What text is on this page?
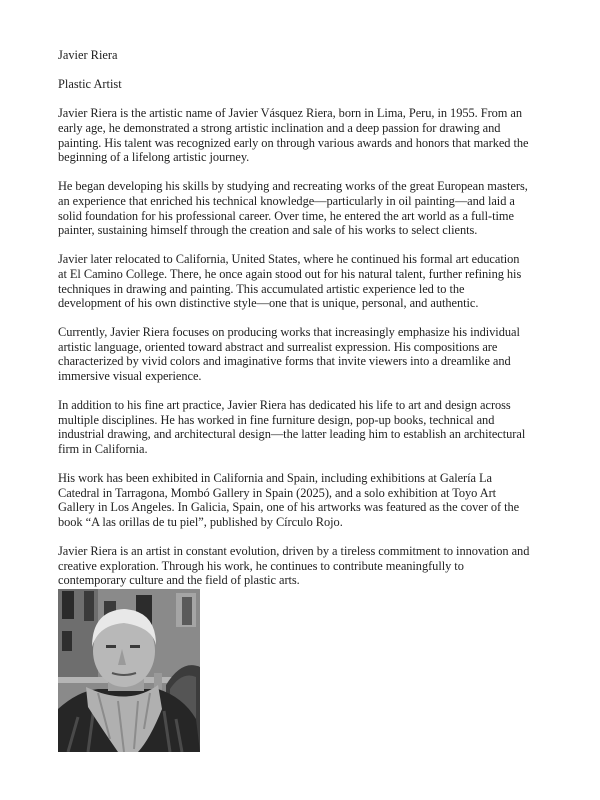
Javier Riera

Plastic Artist

Javier Riera is the artistic name of Javier Vásquez Riera, born in Lima, Peru, in 1955. From an early age, he demonstrated a strong artistic inclination and a deep passion for drawing and painting. His talent was recognized early on through various awards and honors that marked the beginning of a lifelong artistic journey.

He began developing his skills by studying and recreating works of the great European masters, an experience that enriched his technical knowledge—particularly in oil painting—and laid a solid foundation for his professional career. Over time, he entered the art world as a full-time painter, sustaining himself through the creation and sale of his works to select clients.

Javier later relocated to California, United States, where he continued his formal art education at El Camino College. There, he once again stood out for his natural talent, further refining his techniques in drawing and painting. This accumulated artistic experience led to the development of his own distinctive style—one that is unique, personal, and authentic.

Currently, Javier Riera focuses on producing works that increasingly emphasize his individual artistic language, oriented toward abstract and surrealist expression. His compositions are characterized by vivid colors and imaginative forms that invite viewers into a dreamlike and immersive visual experience.

In addition to his fine art practice, Javier Riera has dedicated his life to art and design across multiple disciplines. He has worked in fine furniture design, pop-up books, technical and industrial drawing, and architectural design—the latter leading him to establish an architectural firm in California.

His work has been exhibited in California and Spain, including exhibitions at Galería La Catedral in Tarragona, Mombó Gallery in Spain (2025), and a solo exhibition at Toyo Art Gallery in Los Angeles. In Galicia, Spain, one of his artworks was featured as the cover of the book “A las orillas de tu piel”, published by Círculo Rojo.

Javier Riera is an artist in constant evolution, driven by a tireless commitment to innovation and creative exploration. Through his work, he continues to contribute meaningfully to contemporary culture and the field of plastic arts.
